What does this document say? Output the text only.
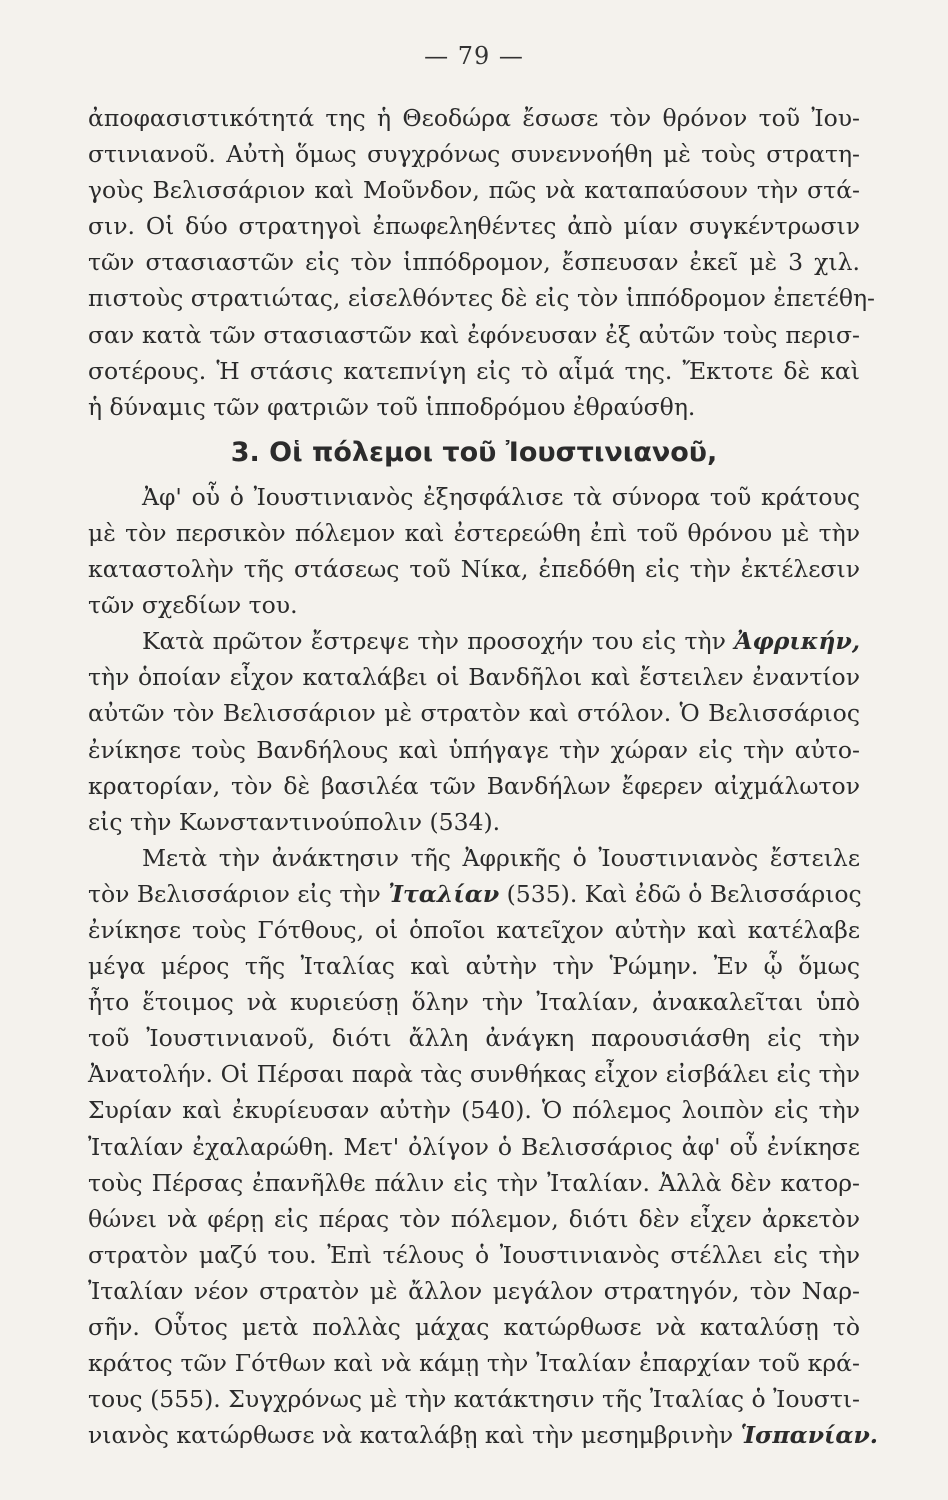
— 79 —
ἀποφασιστικότητά της ἡ Θεοδώρα ἔσωσε τὸν θρόνον τοῦ Ἰου-
στινιανοῦ. Αὐτὴ ὅμως συγχρόνως συνεννοήθη μὲ τοὺς στρατη-
γοὺς Βελισσάριον καὶ Μοῦνδον, πῶς νὰ καταπαύσουν τὴν στά-
σιν. Οἱ δύο στρατηγοὶ ἐπωφεληθέντες ἀπὸ μίαν συγκέντρωσιν
τῶν στασιαστῶν εἰς τὸν ἱππόδρομον, ἔσπευσαν ἐκεῖ μὲ 3 χιλ.
πιστοὺς στρατιώτας, εἰσελθόντες δὲ εἰς τὸν ἱππόδρομον ἐπετέθη-
σαν κατὰ τῶν στασιαστῶν καὶ ἐφόνευσαν ἐξ αὐτῶν τοὺς περισ-
σοτέρους. Ἡ στάσις κατεπνίγη εἰς τὸ αἷμά της. Ἔκτοτε δὲ καὶ
ἡ δύναμις τῶν φατριῶν τοῦ ἱπποδρόμου ἐθραύσθη.
3. Οἱ πόλεμοι τοῦ Ἰουστινιανοῦ,
Ἀφ' οὗ ὁ Ἰουστινιανὸς ἐξησφάλισε τὰ σύνορα τοῦ κράτους
μὲ τὸν περσικὸν πόλεμον καὶ ἐστερεώθη ἐπὶ τοῦ θρόνου μὲ τὴν
καταστολὴν τῆς στάσεως τοῦ Νίκα, ἐπεδόθη εἰς τὴν ἐκτέλεσιν
τῶν σχεδίων του.
Κατὰ πρῶτον ἔστρεψε τὴν προσοχήν του εἰς τὴν Ἀφρικήν,
τὴν ὁποίαν εἶχον καταλάβει οἱ Βανδῆλοι καὶ ἔστειλεν ἐναντίον
αὐτῶν τὸν Βελισσάριον μὲ στρατὸν καὶ στόλον. Ὁ Βελισσάριος
ἐνίκησε τοὺς Βανδήλους καὶ ὑπήγαγε τὴν χώραν εἰς τὴν αὐτο-
κρατορίαν, τὸν δὲ βασιλέα τῶν Βανδήλων ἔφερεν αἰχμάλωτον
εἰς τὴν Κωνσταντινούπολιν (534).
Μετὰ τὴν ἀνάκτησιν τῆς Ἀφρικῆς ὁ Ἰουστινιανὸς ἔστειλε
τὸν Βελισσάριον εἰς τὴν Ἰταλίαν (535). Καὶ ἐδῶ ὁ Βελισσάριος
ἐνίκησε τοὺς Γότθους, οἱ ὁποῖοι κατεῖχον αὐτὴν καὶ κατέλαβε
μέγα μέρος τῆς Ἰταλίας καὶ αὐτὴν τὴν Ῥώμην. Ἐν ᾧ ὅμως
ἦτο ἕτοιμος νὰ κυριεύσῃ ὅλην τὴν Ἰταλίαν, ἀνακαλεῖται ὑπὸ
τοῦ Ἰουστινιανοῦ, διότι ἄλλη ἀνάγκη παρουσιάσθη εἰς τὴν
Ἀνατολήν. Οἱ Πέρσαι παρὰ τὰς συνθήκας εἶχον εἰσβάλει εἰς τὴν
Συρίαν καὶ ἐκυρίευσαν αὐτὴν (540). Ὁ πόλεμος λοιπὸν εἰς τὴν
Ἰταλίαν ἐχαλαρώθη. Μετ' ὀλίγον ὁ Βελισσάριος ἀφ' οὗ ἐνίκησε
τοὺς Πέρσας ἐπανῆλθε πάλιν εἰς τὴν Ἰταλίαν. Ἀλλὰ δὲν κατορ-
θώνει νὰ φέρῃ εἰς πέρας τὸν πόλεμον, διότι δὲν εἶχεν ἀρκετὸν
στρατὸν μαζύ του. Ἐπὶ τέλους ὁ Ἰουστινιανὸς στέλλει εἰς τὴν
Ἰταλίαν νέον στρατὸν μὲ ἄλλον μεγάλον στρατηγόν, τὸν Ναρ-
σῆν. Οὗτος μετὰ πολλὰς μάχας κατώρθωσε νὰ καταλύσῃ τὸ
κράτος τῶν Γότθων καὶ νὰ κάμῃ τὴν Ἰταλίαν ἐπαρχίαν τοῦ κρά-
τους (555). Συγχρόνως μὲ τὴν κατάκτησιν τῆς Ἰταλίας ὁ Ἰουστι-
νιανὸς κατώρθωσε νὰ καταλάβῃ καὶ τὴν μεσημβρινὴν Ἱσπανίαν.
